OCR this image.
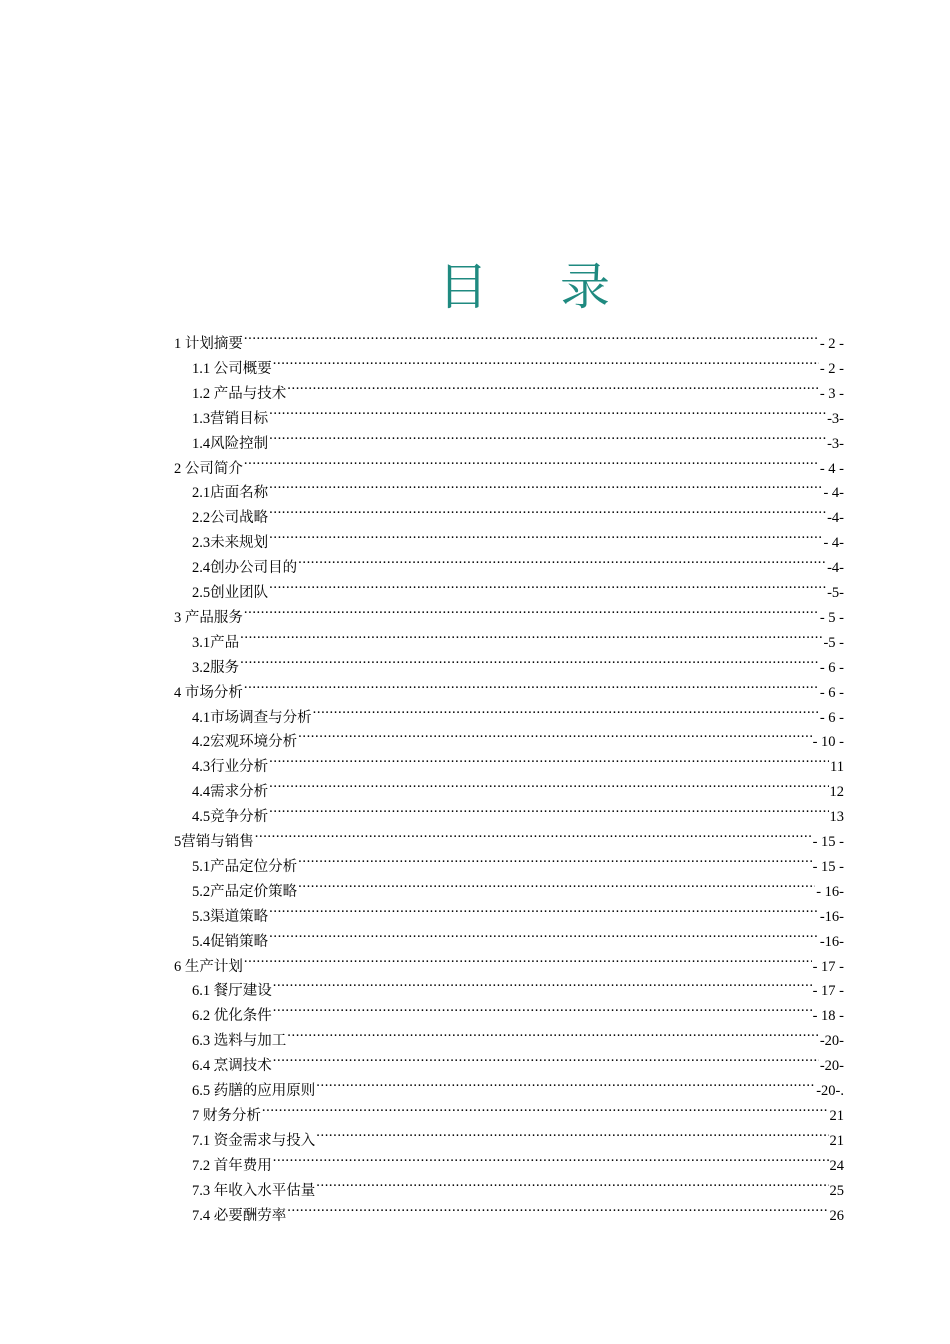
目 录
1 计划摘要 .....	- 2 -
1.1 公司概要 .....	- 2 -
1.2 产品与技术 .....	- 3 -
1.3营销目标 .....	-3-
1.4风险控制 .....	-3-
2 公司简介 .....	- 4 -
2.1店面名称 .....	- 4-
2.2公司战略 .....	-4-
2.3未来规划 .....	- 4-
2.4创办公司目的 .....	-4-
2.5创业团队 .....	-5-
3 产品服务 .....	- 5 -
3.1产品 .....	-5 -
3.2服务 .....	- 6 -
4 市场分析 .....	- 6 -
4.1市场调查与分析 .....	- 6 -
4.2宏观环境分析 .....	- 10 -
4.3行业分析 .....	11
4.4需求分析 .....	12
4.5竞争分析 .....	13
5营销与销售 .....	- 15 -
5.1产品定位分析 .....	- 15 -
5.2产品定价策略 .....	- 16-
5.3渠道策略 .....	-16-
5.4促销策略 .....	-16-
6 生产计划 .....	- 17 -
6.1 餐厅建设 .....	- 17 -
6.2 优化条件 .....	- 18 -
6.3 选料与加工 .....	-20-
6.4 烹调技术 .....	-20-
6.5 药膳的应用原则 .....	-20-.
7 财务分析 .....	21
7.1 资金需求与投入 .....	21
7.2 首年费用 .....	24
7.3 年收入水平估量 .....	25
7.4 必要酬劳率 .....	26
